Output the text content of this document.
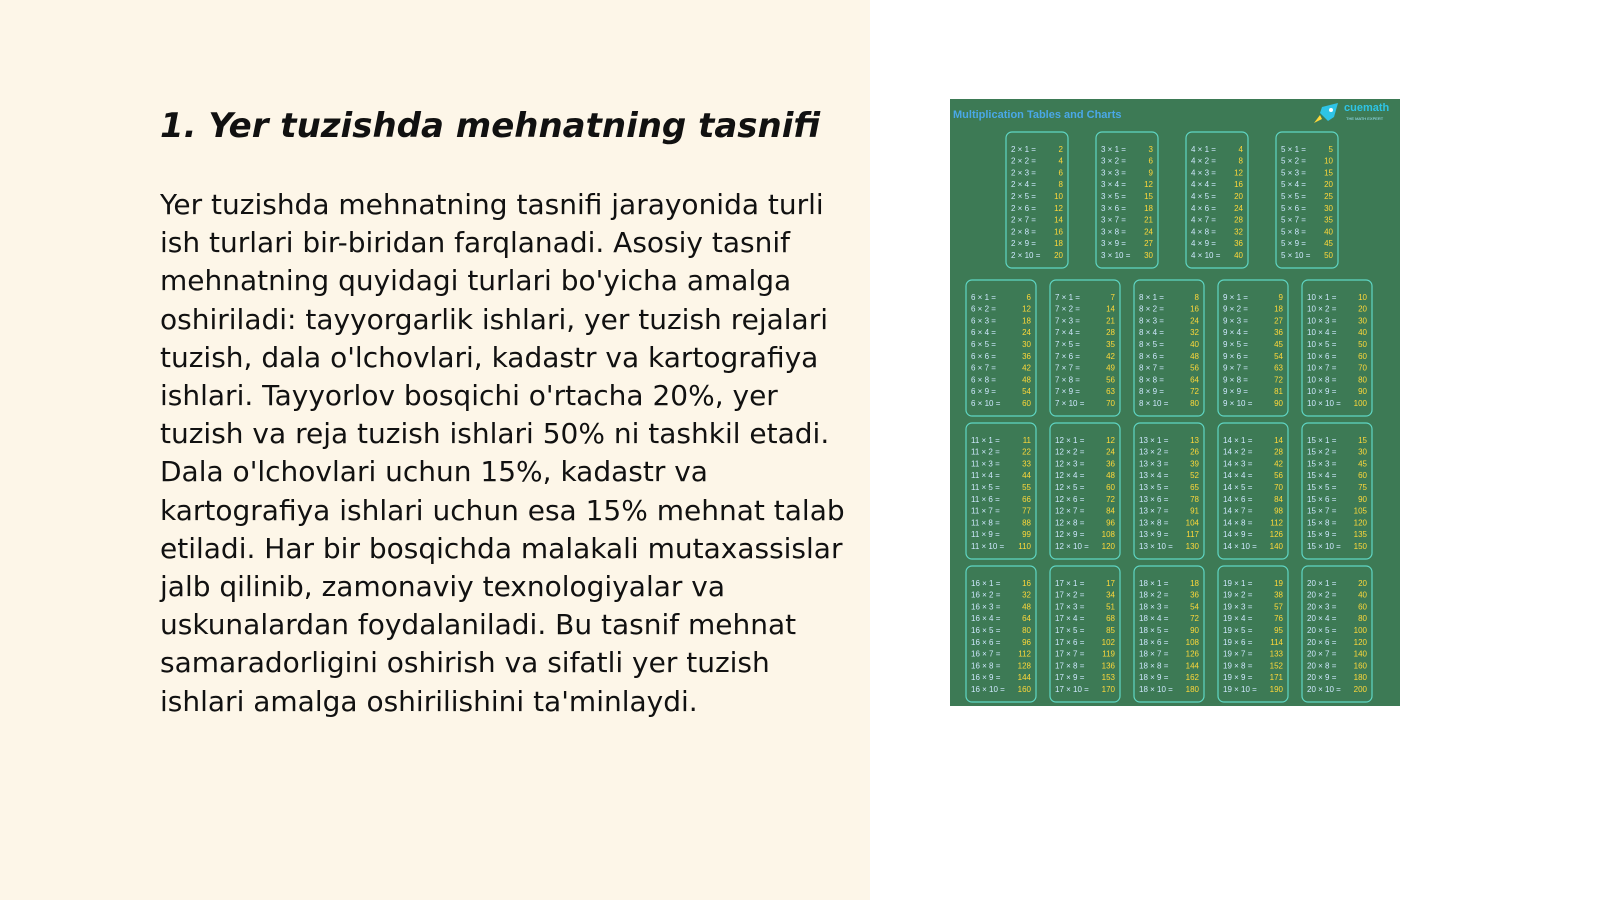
1. Yer tuzishda mehnatning tasnifi

Yer tuzishda mehnatning tasnifi jarayonida turli ish turlari bir-biridan farqlanadi. Asosiy tasnif mehnatning quyidagi turlari bo'yicha amalga oshiriladi: tayyorgarlik ishlari, yer tuzish rejalari tuzish, dala o'lchovlari, kadastr va kartografiya ishlari. Tayyorlov bosqichi o'rtacha 20%, yer tuzish va reja tuzish ishlari 50% ni tashkil etadi. Dala o'lchovlari uchun 15%, kadastr va kartografiya ishlari uchun esa 15% mehnat talab etiladi. Har bir bosqichda malakali mutaxassislar jalb qilinib, zamonaviy texnologiyalar va uskunalardan foydalaniladi. Bu tasnif mehnat samaradorligini oshirish va sifatli yer tuzish ishlari amalga oshirilishini ta'minlaydi.

Multiplication Tables and Charts
cuemath
THE MATH EXPERT
2 × 1 =	2
2 × 2 =	4
2 × 3 =	6
2 × 4 =	8
2 × 5 = 10
2 × 6 = 12
2 × 7 = 14
2 × 8 = 16
2 × 9 = 18
2 × 10 = 20
3 × 1 =	3
3 × 2 =	6
3 × 3 =	9
3 × 4 = 12
3 × 5 = 15
3 × 6 = 18
3 × 7 = 21
3 × 8 = 24
3 × 9 = 27
3 × 10 = 30
4 × 1 =	4
4 × 2 =	8
4 × 3 = 12
4 × 4 = 16
4 × 5 = 20
4 × 6 = 24
4 × 7 = 28
4 × 8 = 32
4 × 9 = 36
4 × 10 = 40
5 × 1 =	5
5 × 2 = 10
5 × 3 = 15
5 × 4 = 20
5 × 5 = 25
5 × 6 = 30
5 × 7 = 35
5 × 8 = 40
5 × 9 = 45
5 × 10 = 50
6 × 1 =	6
6 × 2 =	12
6 × 3 =	18
6 × 4 =	24
6 × 5 =	30
6 × 6 =	36
6 × 7 =	42
6 × 8 =	48
6 × 9 =	54
6 × 10 =	60
7 × 1 =	7
7 × 2 =	14
7 × 3 =	21
7 × 4 =	28
7 × 5 =	35
7 × 6 =	42
7 × 7 =	49
7 × 8 =	56
7 × 9 =	63
7 × 10 =	70
8 × 1 =	8
8 × 2 =	16
8 × 3 =	24
8 × 4 =	32
8 × 5 =	40
8 × 6 =	48
8 × 7 =	56
8 × 8 =	64
8 × 9 =	72
8 × 10 =	80
9 × 1 =	9
9 × 2 =	18
9 × 3 =	27
9 × 4 =	36
9 × 5 =	45
9 × 6 =	54
9 × 7 =	63
9 × 8 =	72
9 × 9 =	81
9 × 10 =	90
10 × 1 =	10
10 × 2 =	20
10 × 3 =	30
10 × 4 =	40
10 × 5 =	50
10 × 6 =	60
10 × 7 =	70
10 × 8 =	80
10 × 9 =	90
10 × 10 = 100
11 × 1 =	11
11 × 2 =	22
11 × 3 =	33
11 × 4 =	44
11 × 5 =	55
11 × 6 =	66
11 × 7 =	77
11 × 8 =	88
11 × 9 =	99
11 × 10 = 110
12 × 1 =	12
12 × 2 =	24
12 × 3 =	36
12 × 4 =	48
12 × 5 =	60
12 × 6 =	72
12 × 7 =	84
12 × 8 =	96
12 × 9 = 108
12 × 10 = 120
13 × 1 =	13
13 × 2 =	26
13 × 3 =	39
13 × 4 =	52
13 × 5 =	65
13 × 6 =	78
13 × 7 =	91
13 × 8 = 104
13 × 9 = 117
13 × 10 = 130
14 × 1 =	14
14 × 2 =	28
14 × 3 =	42
14 × 4 =	56
14 × 5 =	70
14 × 6 =	84
14 × 7 =	98
14 × 8 = 112
14 × 9 = 126
14 × 10 = 140
15 × 1 =	15
15 × 2 =	30
15 × 3 =	45
15 × 4 =	60
15 × 5 =	75
15 × 6 =	90
15 × 7 = 105
15 × 8 = 120
15 × 9 = 135
15 × 10 = 150
16 × 1 =	16
16 × 2 =	32
16 × 3 =	48
16 × 4 =	64
16 × 5 =	80
16 × 6 =	96
16 × 7 = 112
16 × 8 = 128
16 × 9 = 144
16 × 10 = 160
17 × 1 =	17
17 × 2 =	34
17 × 3 =	51
17 × 4 =	68
17 × 5 =	85
17 × 6 = 102
17 × 7 = 119
17 × 8 = 136
17 × 9 = 153
17 × 10 = 170
18 × 1 =	18
18 × 2 =	36
18 × 3 =	54
18 × 4 =	72
18 × 5 =	90
18 × 6 = 108
18 × 7 = 126
18 × 8 = 144
18 × 9 = 162
18 × 10 = 180
19 × 1 =	19
19 × 2 =	38
19 × 3 =	57
19 × 4 =	76
19 × 5 =	95
19 × 6 = 114
19 × 7 = 133
19 × 8 = 152
19 × 9 = 171
19 × 10 = 190
20 × 1 =	20
20 × 2 =	40
20 × 3 =	60
20 × 4 =	80
20 × 5 = 100
20 × 6 = 120
20 × 7 = 140
20 × 8 = 160
20 × 9 = 180
20 × 10 = 200
